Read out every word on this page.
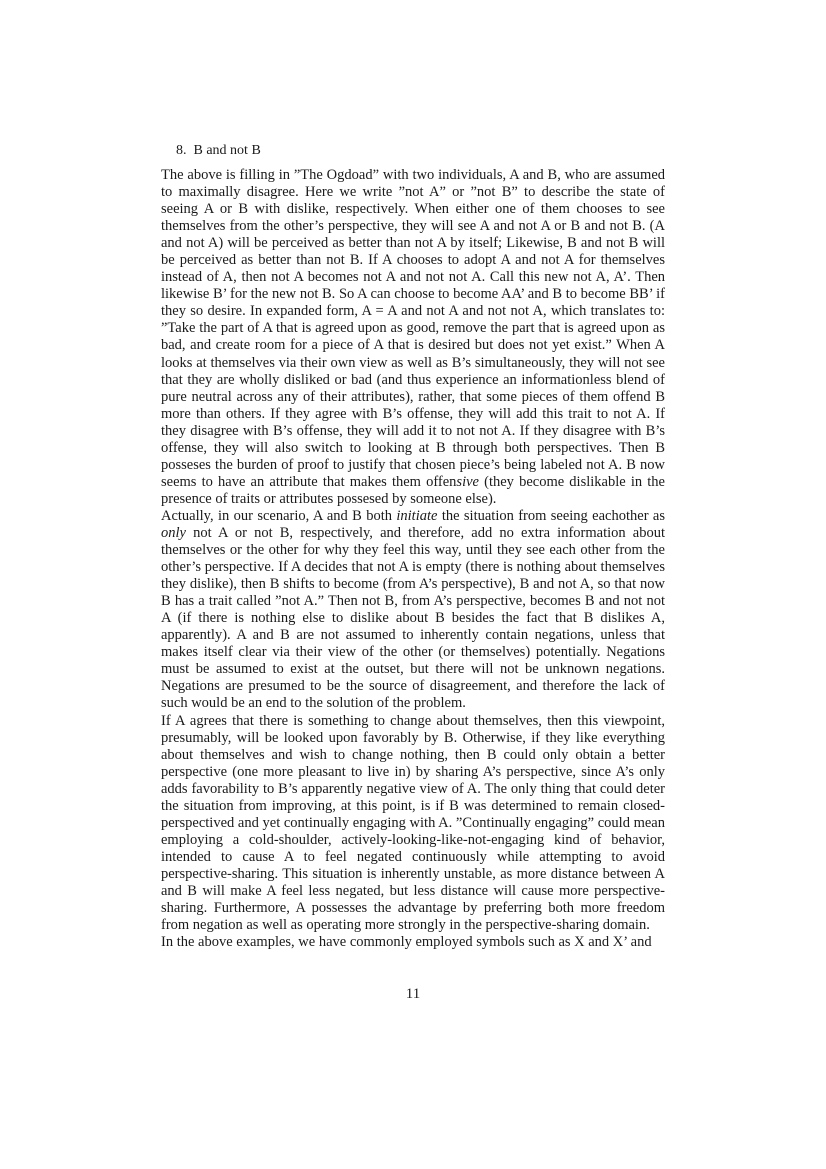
8. B and not B

The above is filling in ”The Ogdoad” with two individuals, A and B, who are assumed to maximally disagree. Here we write ”not A” or ”not B” to describe the state of seeing A or B with dislike, respectively. When either one of them chooses to see themselves from the other’s perspective, they will see A and not A or B and not B. (A and not A) will be perceived as better than not A by itself; Likewise, B and not B will be perceived as better than not B. If A chooses to adopt A and not A for themselves instead of A, then not A becomes not A and not not A. Call this new not A, A’. Then likewise B’ for the new not B. So A can choose to become AA’ and B to become BB’ if they so desire. In expanded form, A = A and not A and not not A, which translates to: ”Take the part of A that is agreed upon as good, remove the part that is agreed upon as bad, and create room for a piece of A that is desired but does not yet exist.” When A looks at themselves via their own view as well as B’s simultaneously, they will not see that they are wholly disliked or bad (and thus experience an informationless blend of pure neutral across any of their attributes), rather, that some pieces of them offend B more than others. If they agree with B’s offense, they will add this trait to not A. If they disagree with B’s offense, they will add it to not not A. If they disagree with B’s offense, they will also switch to looking at B through both perspectives. Then B posseses the burden of proof to justify that chosen piece’s being labeled not A. B now seems to have an attribute that makes them offensive (they become dislikable in the presence of traits or attributes possesed by someone else).

Actually, in our scenario, A and B both initiate the situation from seeing eachother as only not A or not B, respectively, and therefore, add no extra information about themselves or the other for why they feel this way, until they see each other from the other’s perspective. If A decides that not A is empty (there is nothing about themselves they dislike), then B shifts to become (from A’s perspective), B and not A, so that now B has a trait called ”not A.” Then not B, from A’s perspective, becomes B and not not A (if there is nothing else to dislike about B besides the fact that B dislikes A, apparently). A and B are not assumed to inherently contain negations, unless that makes itself clear via their view of the other (or themselves) potentially. Negations must be assumed to exist at the outset, but there will not be unknown negations. Negations are presumed to be the source of disagreement, and therefore the lack of such would be an end to the solution of the problem.

If A agrees that there is something to change about themselves, then this viewpoint, presumably, will be looked upon favorably by B. Otherwise, if they like everything about themselves and wish to change nothing, then B could only obtain a better perspective (one more pleasant to live in) by sharing A’s perspective, since A’s only adds favorability to B’s apparently negative view of A. The only thing that could deter the situation from improving, at this point, is if B was determined to remain closed-perspectived and yet continually engaging with A. ”Continually engaging” could mean employing a cold-shoulder, actively-looking-like-not-engaging kind of behavior, intended to cause A to feel negated continuously while attempting to avoid perspective-sharing. This situation is inherently unstable, as more distance between A and B will make A feel less negated, but less distance will cause more perspective-sharing. Furthermore, A possesses the advantage by preferring both more freedom from negation as well as operating more strongly in the perspective-sharing domain.

In the above examples, we have commonly employed symbols such as X and X’ and

11
